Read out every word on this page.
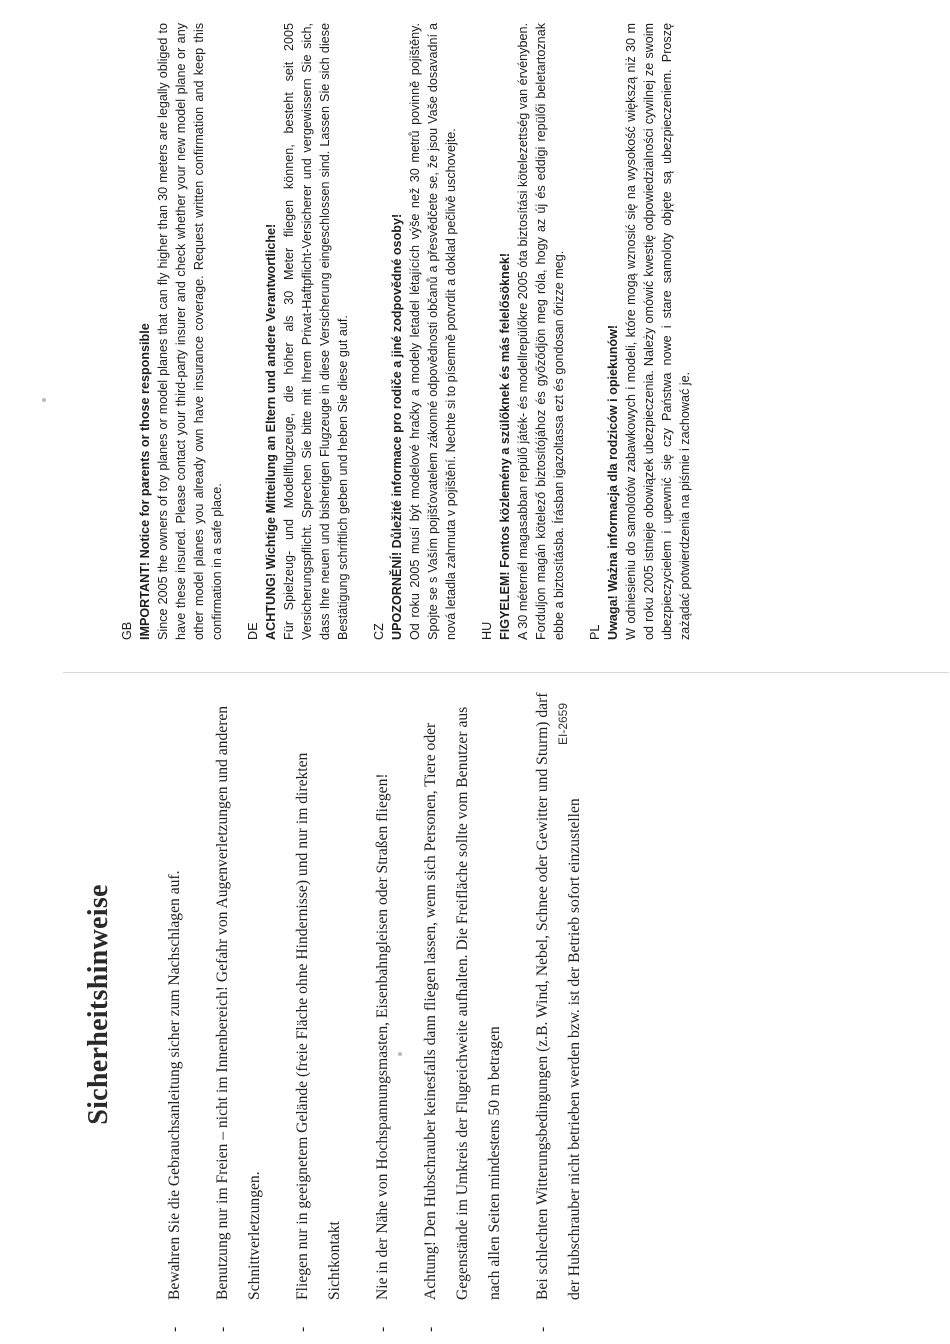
EI-2659
Sicherheitshinweise	- Bewahren Sie die Gebrauchsanleitung sicher zum Nachschlagen auf.	- Benutzung nur im Freien – nicht im Innenbereich! Gefahr von Augenverletzungen und anderen Schnittverletzungen.	- Fliegen nur in geeignetem Gelände (freie Fläche ohne Hindernisse) und nur im direkten Sichtkontakt	- Nie in der Nähe von Hochspannungsmasten, Eisenbahngleisen oder Straßen fliegen!	- Achtung! Den Hubschrauber keinesfalls dann fliegen lassen, wenn sich Personen, Tiere oder Gegenstände im Umkreis der Flugreichweite aufhalten. Die Freifläche sollte vom Benutzer aus nach allen Seiten mindestens 50 m betragen	- Bei schlechten Witterungsbedingungen (z.B. Wind, Nebel, Schnee oder Gewitter und Sturm) darf der Hubschrauber nicht betrieben werden bzw. ist der Betrieb sofort einzustellen

GB IMPORTANT! Notice for parents or those responsible Since 2005 the owners of toy planes or model planes that can fly higher than 30 meters are legally obliged to have these insured. Please contact your third-party insurer and check whether your new model plane or any other model planes you already own have insurance coverage. Request written confirmation and keep this confirmation in a safe place. DE ACHTUNG! Wichtige Mitteilung an Eltern und andere Verantwortliche! Für Spielzeug- und Modellflugzeuge, die höher als 30 Meter fliegen können, besteht seit 2005 Versicherungspflicht. Sprechen Sie bitte mit Ihrem Privat-Haftpflicht-Versicherer und vergewissern Sie sich, dass Ihre neuen und bisherigen Flugzeuge in diese Versicherung eingeschlossen sind. Lassen Sie sich diese Bestätigung schriftlich geben und heben Sie diese gut auf. CZ UPOZORNĚNÍ! Důležité informace pro rodiče a jiné zodpovědné osoby! Od roku 2005 musí být modelové hračky a modely letadel létajících výše než 30 metrů povinně pojištěny. Spojte se s Vaším pojišťovatelem zákonné odpovědnosti občanů a přesvědčete se, že jsou Vaše dosavadní a nová letadla zahrnuta v pojištění. Nechte si to písemně potvrdit a doklad pečlivě uschovejte. HU FIGYELEM! Fontos közlemény a szülőknek és más felelősöknek! A 30 méternél magasabban repülő játék- és modellrepülőkre 2005 óta biztosítási kötelezettség van érvényben. Forduljon magán kötelező biztosítójához és győződjön meg róla, hogy az új és eddigi repülői beletartoznak ebbe a biztosításba. Írásban igazoltassa ezt és gondosan őrizze meg. PL Uwaga! Ważna informacja dla rodziców i opiekunów! W odniesieniu do samolotów zabawkowych i modeli, które mogą wznosić się na wysokość większą niż 30 m od roku 2005 istnieje obowiązek ubezpieczenia. Należy omówić kwestię odpowiedzialności cywilnej ze swoim ubezpieczycielem i upewnić się czy Państwa nowe i stare samoloty objęte są ubezpieczeniem. Proszę zażądać potwierdzenia na piśmie i zachować je.
